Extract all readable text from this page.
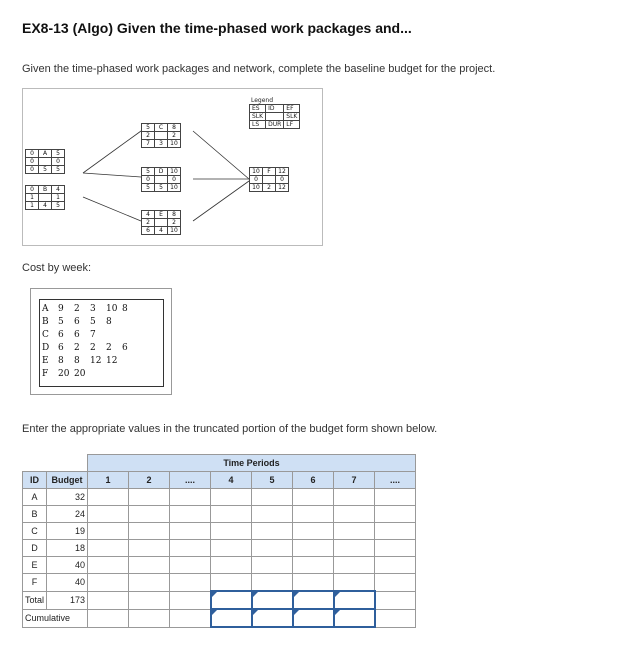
EX8-13 (Algo) Given the time-phased work packages and...
Given the time-phased work packages and network, complete the baseline budget for the project.
Legend
ES	ID	EF
SLK		SLK
LS	DUR	LF
0	A	5
0		0
0	5	5
0	B	4
1		1
1	4	5
5	C	8
2		2
7	3	10
5	D	10
0		0
5	5	10
4	E	8
2		2
6	4	10
10	F	12
0		0
10	2	12
Cost by week:
A 9 2 3 10 8
B 5 6 5 8
C 6 6 7
D 6 2 2 2 6
E 8 8 12 12
F 20 20
Enter the appropriate values in the truncated portion of the budget form shown below.
		Time Periods							
ID	Budget	1	2	....	4	5	6	7	....
A	32								
B	24								
C	19								
D	18								
E	40								
F	40								
Total	173				

Cumulative					
